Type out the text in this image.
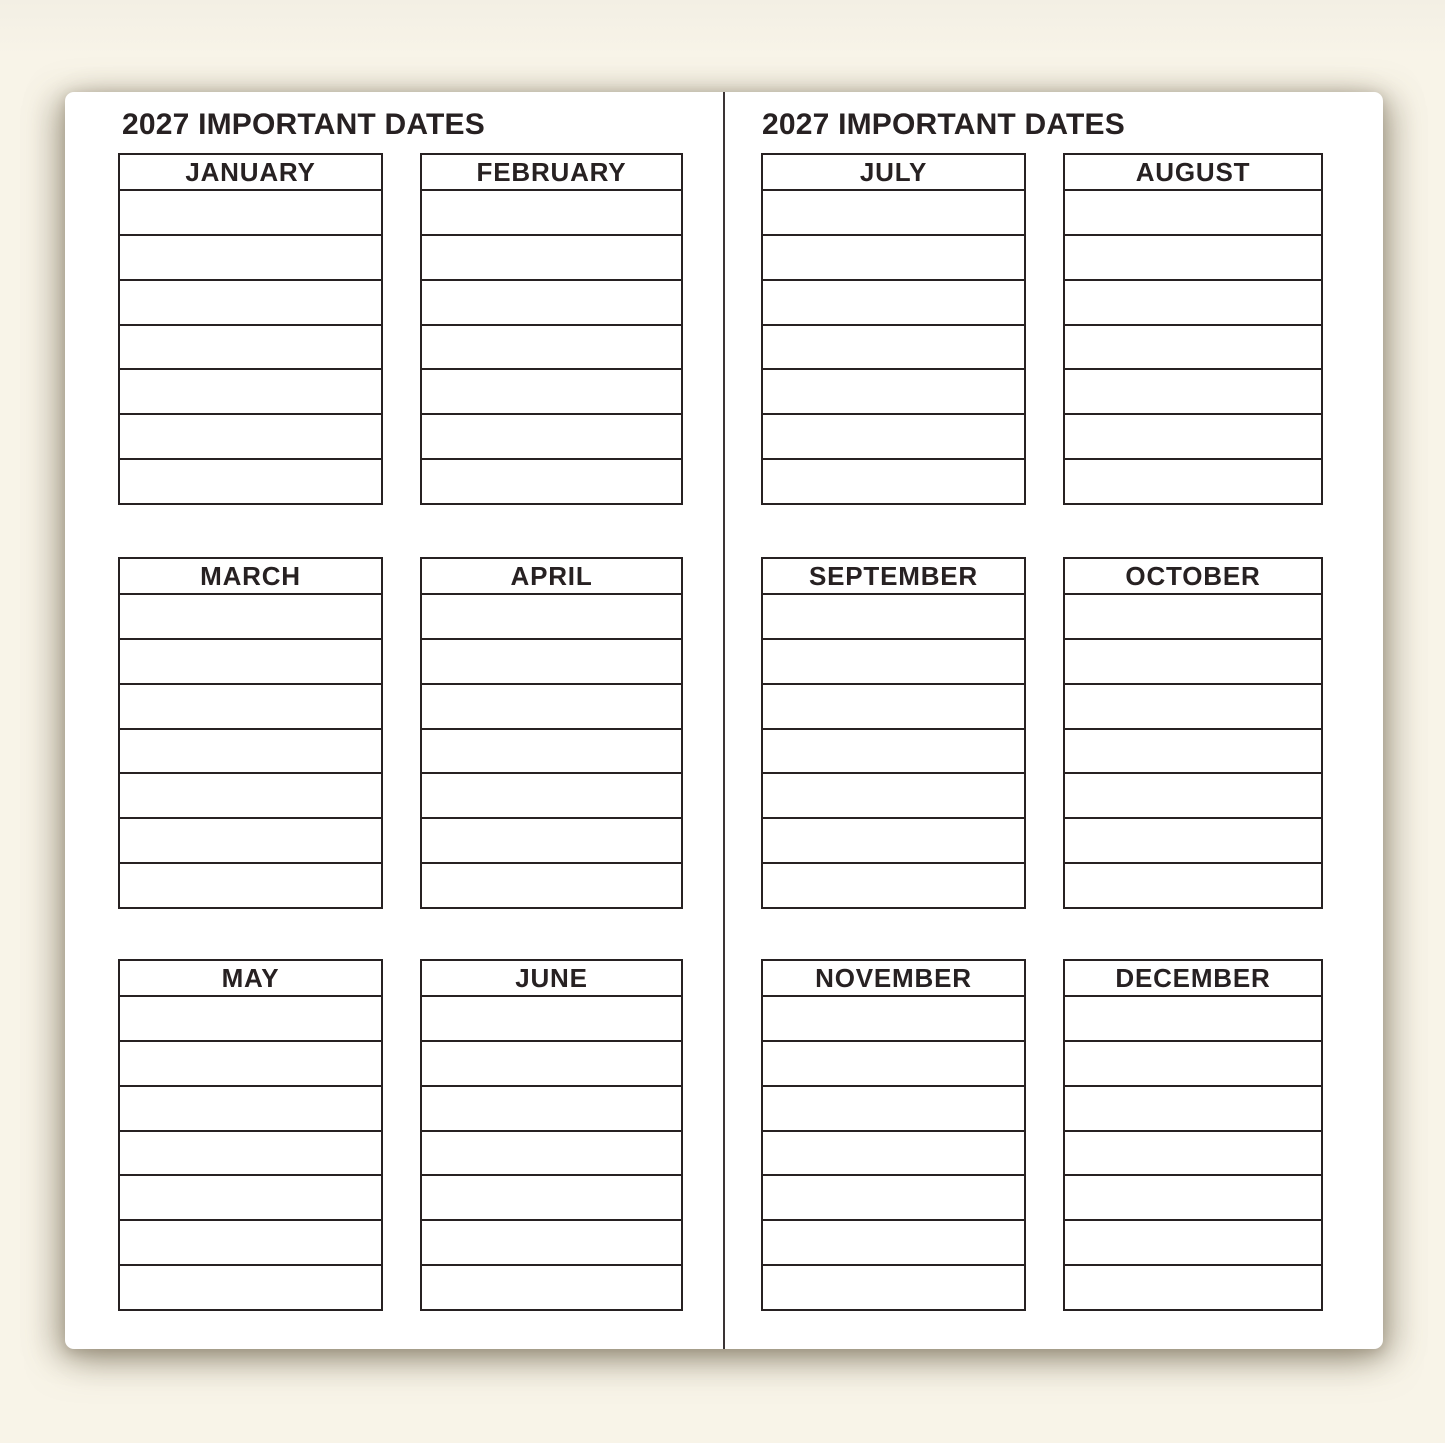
2027 IMPORTANT DATES	2027 IMPORTANT DATES
JANUARY	FEBRUARY
MARCH	APRIL
MAY	JUNE
JULY	AUGUST
SEPTEMBER	OCTOBER
NOVEMBER	DECEMBER
